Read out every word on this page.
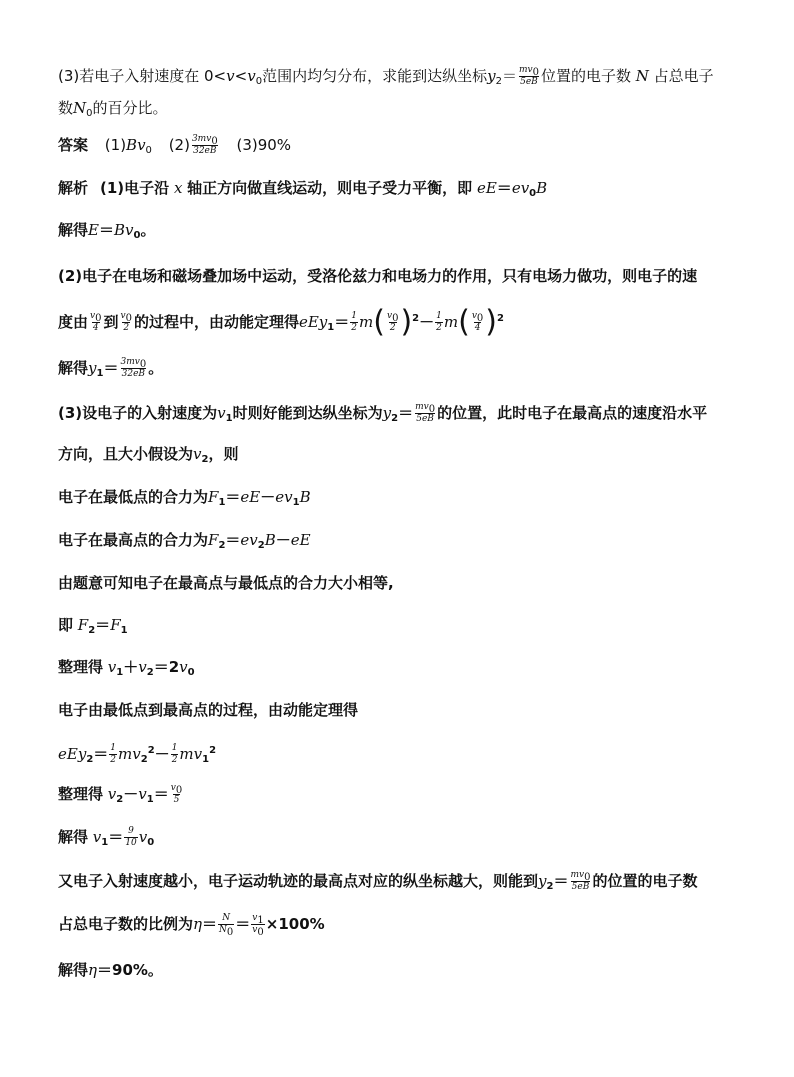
(3)若电子入射速度在 $0<v<v_0$范围内均匀分布，求能到达纵坐标$y_2= \frac{mv_0}{5eB}$ 位置的电子数 N 占总电子
数$N_0$的百分比。
答案 $(1)Bv_0$ $(2) \frac{3mv_0}{32eB} (3)90\%$
解析 (1)电子沿 x 轴正方向做直线运动，则电子受力平衡，即 $eE=ev_0B$
解得$E=Bv_0$。
(2)电子在电场和磁场叠加场中运动，受洛伦兹力和电场力的作用，只有电场力做功，则电子的速
度由 $\frac{v_0}{4}$ 到 $\frac{v_0}{2}$ 的过程中，由动能定理得$eEy_1= \frac{1}{2} m( \frac{v_0}{2} )^2- \frac{1}{2} m( \frac{v_0}{4} )^2$
解得$y_1= \frac{3mv_0}{32eB}$ 。
(3)设电子的入射速度为$v_1$时则好能到达纵坐标为$y_2= \frac{mv_0}{5eB}$ 的位置，此时电子在最高点的速度沿水平
方向，且大小假设为$v_2$，则
电子在最低点的合力为$F_1=eE-ev_1B$
电子在最高点的合力为$F_2=ev_2B-eE$
由题意可知电子在最高点与最低点的合力大小相等,
即 $F_2=F_1$
整理得 $v_1+v_2=2v_0$
电子由最低点到最高点的过程，由动能定理得
$eEy_2= \frac{1}{2} mv_2^2- \frac{1}{2} mv_1^2$
整理得 $v_2-v_1= \frac{v_0}{5}$
解得 $v_1= \frac{9}{10} v_0$
又电子入射速度越小，电子运动轨迹的最高点对应的纵坐标越大，则能到$y_2= \frac{mv_0}{5eB}$ 的位置的电子数
占总电子数的比例为$\eta= \frac{N}{N_0} = \frac{v_1}{v_0} \times 100\%$
解得η＝90%。
